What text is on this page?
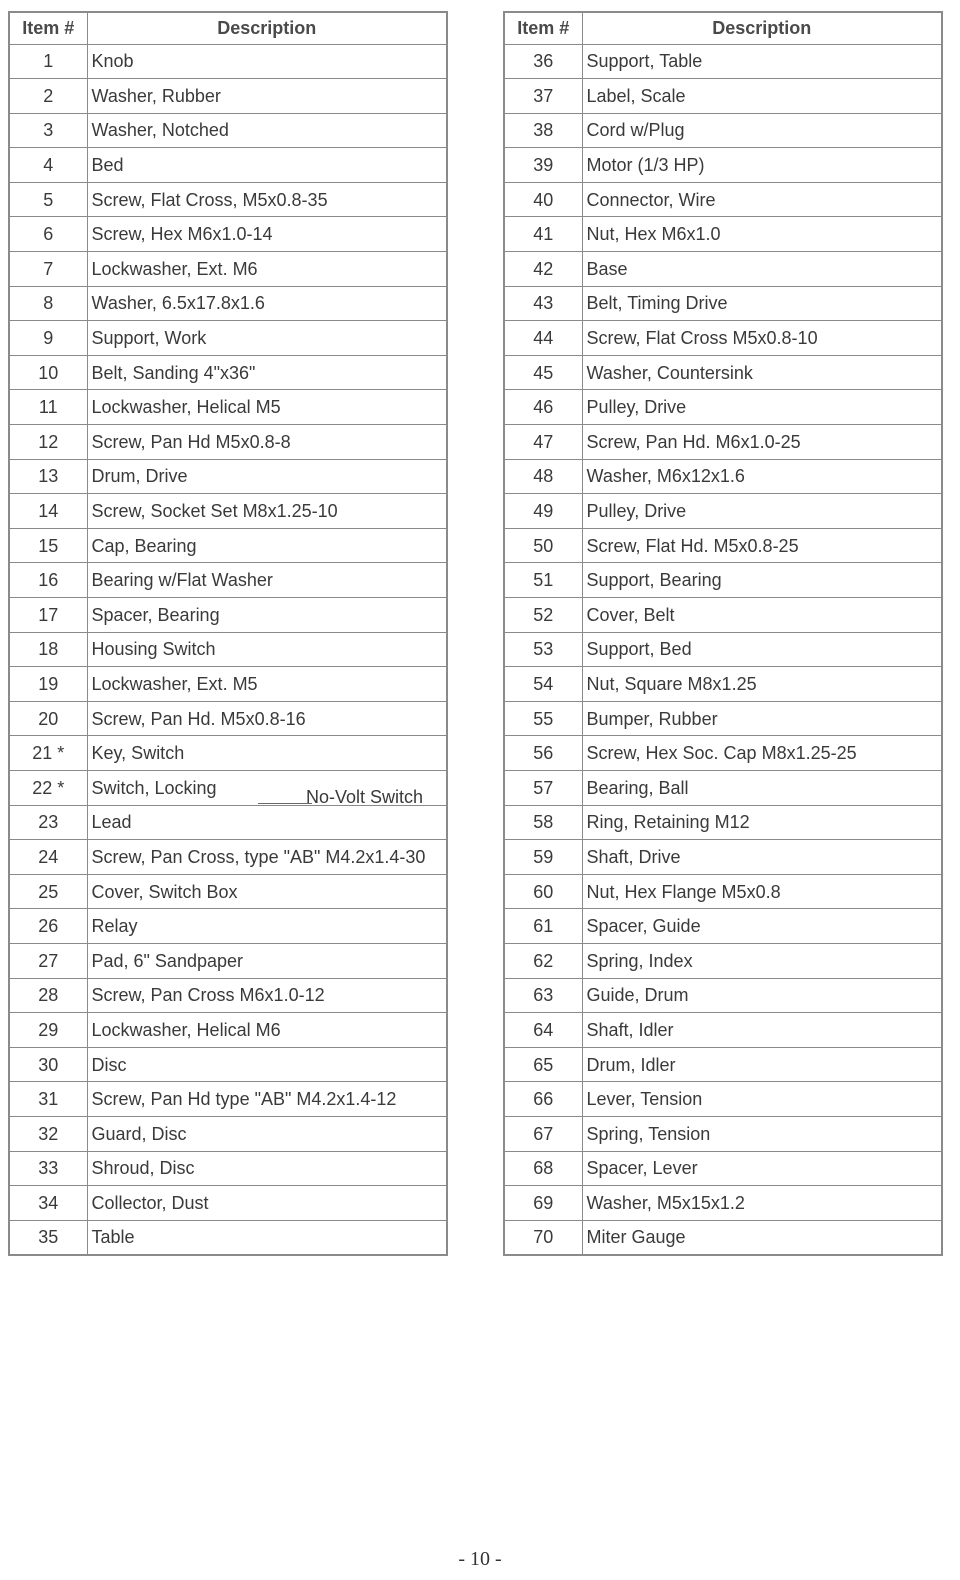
Item #	Description
1	Knob
2	Washer, Rubber
3	Washer, Notched
4	Bed
5	Screw, Flat Cross, M5x0.8-35
6	Screw, Hex M6x1.0-14
7	Lockwasher, Ext. M6
8	Washer, 6.5x17.8x1.6
9	Support, Work
10	Belt, Sanding 4"x36"
11	Lockwasher, Helical M5
12	Screw, Pan Hd M5x0.8-8
13	Drum, Drive
14	Screw, Socket Set M8x1.25-10
15	Cap, Bearing
16	Bearing w/Flat Washer
17	Spacer, Bearing
18	Housing Switch
19	Lockwasher, Ext. M5
20	Screw, Pan Hd. M5x0.8-16
21 *	Key, Switch
22 *	Switch, Locking
23	Lead
24	Screw, Pan Cross, type "AB" M4.2x1.4-30
25	Cover, Switch Box
26	Relay
27	Pad, 6" Sandpaper
28	Screw, Pan Cross M6x1.0-12
29	Lockwasher, Helical M6
30	Disc
31	Screw, Pan Hd type "AB" M4.2x1.4-12
32	Guard, Disc
33	Shroud, Disc
34	Collector, Dust
35	Table
Item #	Description
36	Support, Table
37	Label, Scale
38	Cord w/Plug
39	Motor (1/3 HP)
40	Connector, Wire
41	Nut, Hex M6x1.0
42	Base
43	Belt, Timing Drive
44	Screw, Flat Cross M5x0.8-10
45	Washer, Countersink
46	Pulley, Drive
47	Screw, Pan Hd. M6x1.0-25
48	Washer, M6x12x1.6
49	Pulley, Drive
50	Screw, Flat Hd. M5x0.8-25
51	Support, Bearing
52	Cover, Belt
53	Support, Bed
54	Nut, Square M8x1.25
55	Bumper, Rubber
56	Screw, Hex Soc. Cap M8x1.25-25
57	Bearing, Ball
58	Ring, Retaining M12
59	Shaft, Drive
60	Nut, Hex Flange M5x0.8
61	Spacer, Guide
62	Spring, Index
63	Guide, Drum
64	Shaft, Idler
65	Drum, Idler
66	Lever, Tension
67	Spring, Tension
68	Spacer, Lever
69	Washer, M5x15x1.2
70	Miter Gauge
No-Volt Switch
- 10 -
